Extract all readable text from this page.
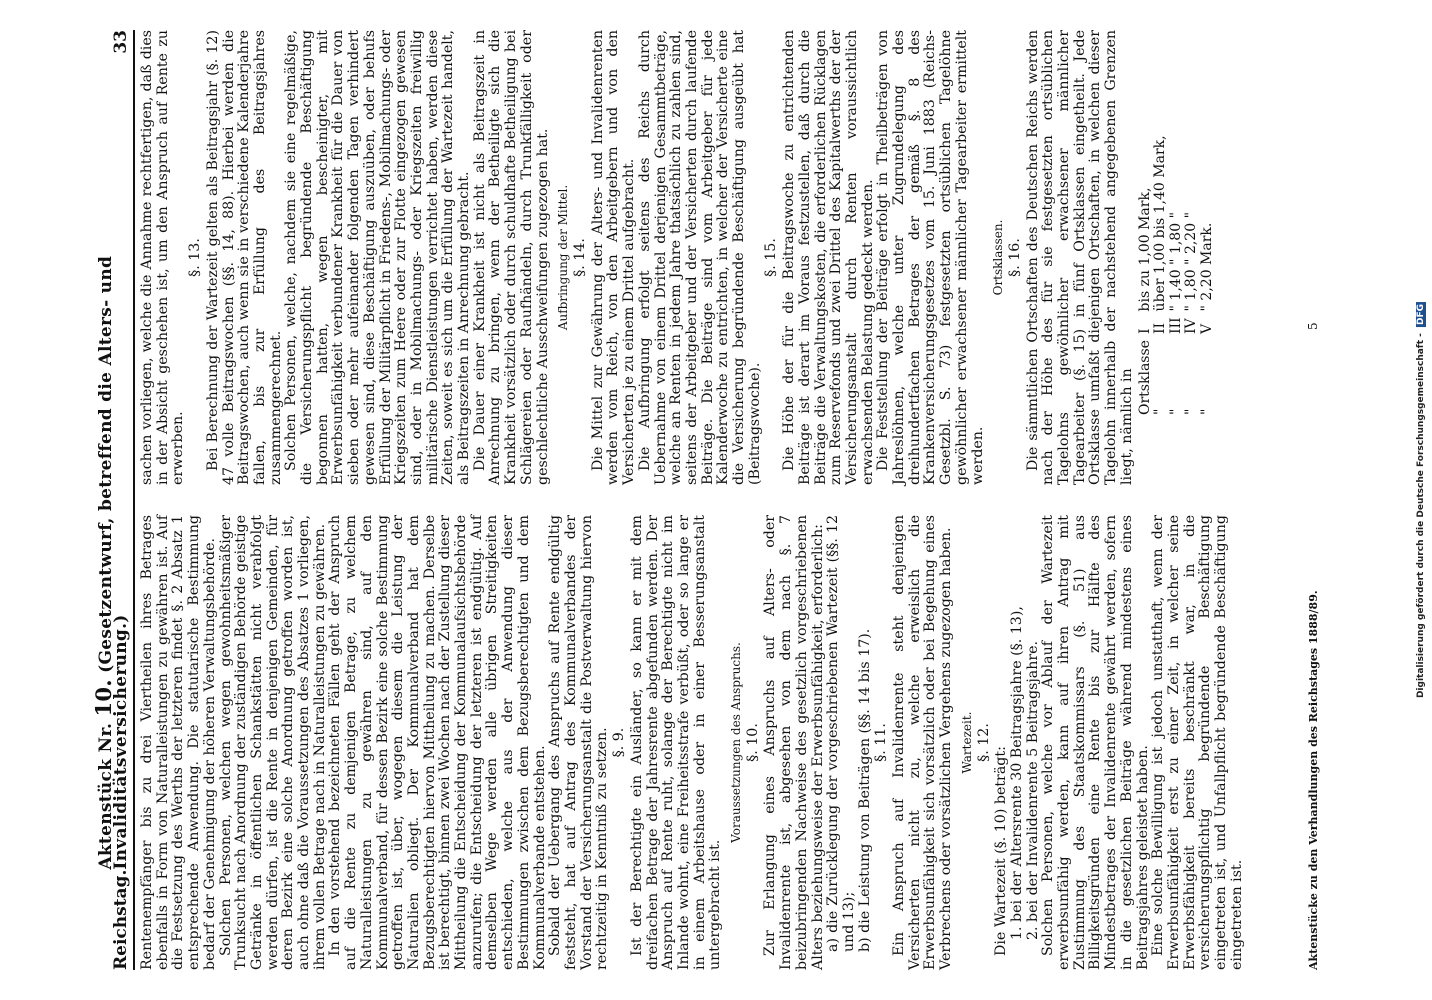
Reichstag.
Aktenstück Nr. 10. (Gesetzentwurf, betreffend die Alters- und Invaliditätsversicherung.)
33

Rentenempfänger bis zu drei Viertheilen ihres Betrages ebenfalls in Form von Naturalleistungen zu gewähren ist. Auf die Festsetzung des Werths der letzteren findet §. 2 Absatz 1 entsprechende Anwendung. Die statutarische Bestimmung bedarf der Genehmigung der höheren Verwaltungsbehörde. Solchen Personen, welchen wegen gewohnheitsmäßiger Trunksucht nach Anordnung der zuständigen Behörde geistige Getränke in öffentlichen Schankstätten nicht verabfolgt werden dürfen, ist die Rente in denjenigen Gemeinden, für deren Bezirk eine solche Anordnung getroffen worden ist, auch ohne daß die Voraussetzungen des Absatzes 1 vorliegen, ihrem vollen Betrage nach in Naturalleistungen zu gewähren. In den vorstehend bezeichneten Fällen geht der Anspruch auf die Rente zu demjenigen Betrage, zu welchem Naturalleistungen zu gewähren sind, auf den Kommunalverband, für dessen Bezirk eine solche Bestimmung getroffen ist, über, wogegen diesem die Leistung der Naturalien obliegt. Der Kommunalverband hat dem Bezugsberechtigten hiervon Mittheilung zu machen. Derselbe ist berechtigt, binnen zwei Wochen nach der Zustellung dieser Mittheilung die Entscheidung der Kommunalaufsichtsbehörde anzurufen; die Entscheidung der letzteren ist endgültig. Auf demselben Wege werden alle übrigen Streitigkeiten entschieden, welche aus der Anwendung dieser Bestimmungen zwischen dem Bezugsberechtigten und dem Kommunalverbande entstehen. Sobald der Uebergang des Anspruchs auf Rente endgültig feststeht, hat auf Antrag des Kommunalverbandes der Vorstand der Versicherungsanstalt die Postverwaltung hiervon rechtzeitig in Kenntniß zu setzen. §. 9. Ist der Berechtigte ein Ausländer, so kann er mit dem dreifachen Betrage der Jahresrente abgefunden werden. Der Anspruch auf Rente ruht, solange der Berechtigte nicht im Inlande wohnt, eine Freiheitsstrafe verbüßt, oder so lange er in einem Arbeitshause oder in einer Besserungsanstalt untergebracht ist.

Voraussetzungen des Anspruchs. §. 10. Zur Erlangung eines Anspruchs auf Alters- oder Invalidenrente ist, abgesehen von dem nach §. 7 beizubringenden Nachweise des gesetzlich vorgeschriebenen Alters beziehungsweise der Erwerbsunfähigkeit, erforderlich: a) die Zurücklegung der vorgeschriebenen Wartezeit (§§. 12 und 13); b) die Leistung von Beiträgen (§§. 14 bis 17). §. 11. Ein Anspruch auf Invalidenrente steht denjenigen Versicherten nicht zu, welche erweislich die Erwerbsunfähigkeit sich vorsätzlich oder bei Begehung eines Verbrechens oder vorsätzlichen Vergehens zugezogen haben. Wartezeit. §. 12.

Die Wartezeit (§. 10) beträgt: 1. bei der Altersrente 30 Beitragsjahre (§. 13), 2. bei der Invalidenrente 5 Beitragsjahre. Solchen Personen, welche vor Ablauf der Wartezeit erwerbsunfähig werden, kann auf ihren Antrag mit Zustimmung des Staatskommissars (§. 51) aus Billigkeitsgründen eine Rente bis zur Hälfte des Mindestbetrages der Invalidenrente gewährt werden, sofern in die gesetzlichen Beiträge während mindestens eines Beitragsjahres geleistet haben. Eine solche Bewilligung ist jedoch unstatthaft, wenn der Erwerbsunfähigkeit erst zu einer Zeit, in welcher seine Erwerbsfähigkeit bereits beschränkt war, in die versicherungspflichtig begründende Beschäftigung eingetreten ist, und Unfallpflicht begründende Beschäftigung eingetreten ist.

sachen vorliegen, welche die Annahme rechtfertigen, daß dies in der Absicht geschehen ist, um den Anspruch auf Rente zu erwerben.

§. 13. Bei Berechnung der Wartezeit gelten als Beitragsjahr (§. 12) 47 volle Beitragswochen (§§. 14, 88). Hierbei werden die Beitragswochen, auch wenn sie in verschiedene Kalenderjahre fallen, bis zur Erfüllung des Beitragsjahres zusammengerechnet. Solchen Personen, welche, nachdem sie eine regelmäßige, die Versicherungspflicht begründende Beschäftigung begonnen hatten, wegen bescheinigter, mit Erwerbsunfähigkeit verbundener Krankheit für die Dauer von sieben oder mehr aufeinander folgenden Tagen verhindert gewesen sind, diese Beschäftigung auszuüben, oder behufs Erfüllung der Militärpflicht in Friedens-, Mobilmachungs- oder Kriegszeiten zum Heere oder zur Flotte eingezogen gewesen sind, oder in Mobilmachungs- oder Kriegszeiten freiwillig militärische Dienstleistungen verrichtet haben, werden diese Zeiten, soweit es sich um die Erfüllung der Wartezeit handelt, als Beitragszeiten in Anrechnung gebracht. Die Dauer einer Krankheit ist nicht als Beitragszeit in Anrechnung zu bringen, wenn der Betheiligte sich die Krankheit vorsätzlich oder durch schuldhafte Betheiligung bei Schlägereien oder Raufhändeln, durch Trunkfälligkeit oder geschlechtliche Ausschweifungen zugezogen hat. Aufbringung der Mittel. §. 14. Die Mittel zur Gewährung der Alters- und Invalidenrenten werden vom Reich, von den Arbeitgebern und von den Versicherten je zu einem Drittel aufgebracht. Die Aufbringung erfolgt seitens des Reichs durch Uebernahme von einem Drittel derjenigen Gesammtbeträge, welche an Renten in jedem Jahre thatsächlich zu zahlen sind, seitens der Arbeitgeber und der Versicherten durch laufende Beiträge. Die Beiträge sind vom Arbeitgeber für jede Kalenderwoche zu entrichten, in welcher der Versicherte eine die Versicherung begründende Beschäftigung ausgeübt hat (Beitragswoche).

§. 15. Die Höhe der für die Beitragswoche zu entrichtenden Beiträge ist derart im Voraus festzustellen, daß durch die Beiträge die Verwaltungskosten, die erforderlichen Rücklagen zum Reservefonds und zwei Drittel des Kapitalwerths der der Versicherungsanstalt durch Renten voraussichtlich erwachsenden Belastung gedeckt werden. Die Feststellung der Beiträge erfolgt in Theilbeträgen von Jahreslöhnen, welche unter Zugrundelegung des dreihundertfachen Betrages der gemäß §. 8 des Krankenversicherungsgesetzes vom 15. Juni 1883 (Reichs-Gesetzbl. S. 73) festgesetzten ortsüblichen Tagelöhne gewöhnlicher erwachsener männlicher Tagearbeiter ermittelt werden.

Ortsklassen. §. 16. Die sämmtlichen Ortschaften des Deutschen Reichs werden nach der Höhe des für sie festgesetzten ortsüblichen Tagelohns gewöhnlicher erwachsener männlicher Tagearbeiter (§. 15) in fünf Ortsklassen eingetheilt. Jede Ortsklasse umfaßt diejenigen Ortschaften, in welchen dieser Tagelohn innerhalb der nachstehend angegebenen Grenzen liegt, nämlich in Ortsklasse	I	bis zu 1,00 Mark,
"	II	über 1,00 bis 1,40 Mark,
"	III	" 1,40 " 1,80 "
"	IV	" 1,80 " 2,20 "
"	V	" 2,20 Mark.
Aktenstücke zu den Verhandlungen des Reichstages 1888/89.
5
Digitalisierung gefördert durch die Deutsche Forschungsgemeinschaft - DFG
